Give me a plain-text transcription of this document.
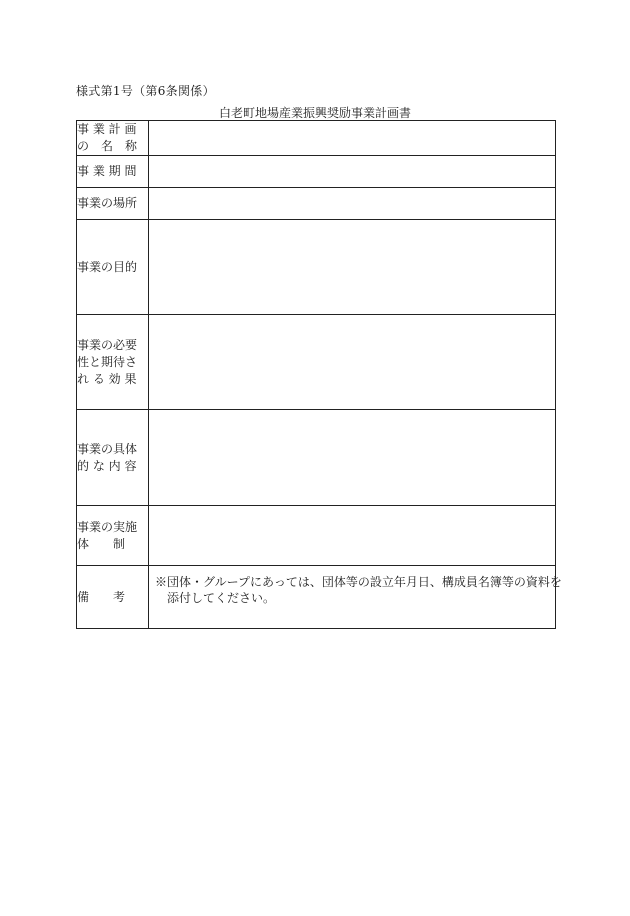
様式第1号（第6条関係）
白老町地場産業振興奨励事業計画書
事 業 計 画
の　名　称	

事 業 期 間	

事業の場所	

事業の目的	

事業の必要
性と期待さ
れ る 効 果	

事業の具体
的 な 内 容	

事業の実施
体　　制	

備　　考	※団体・グループにあっては、団体等の設立年月日、構成員名簿等の資料を
添付してください。
